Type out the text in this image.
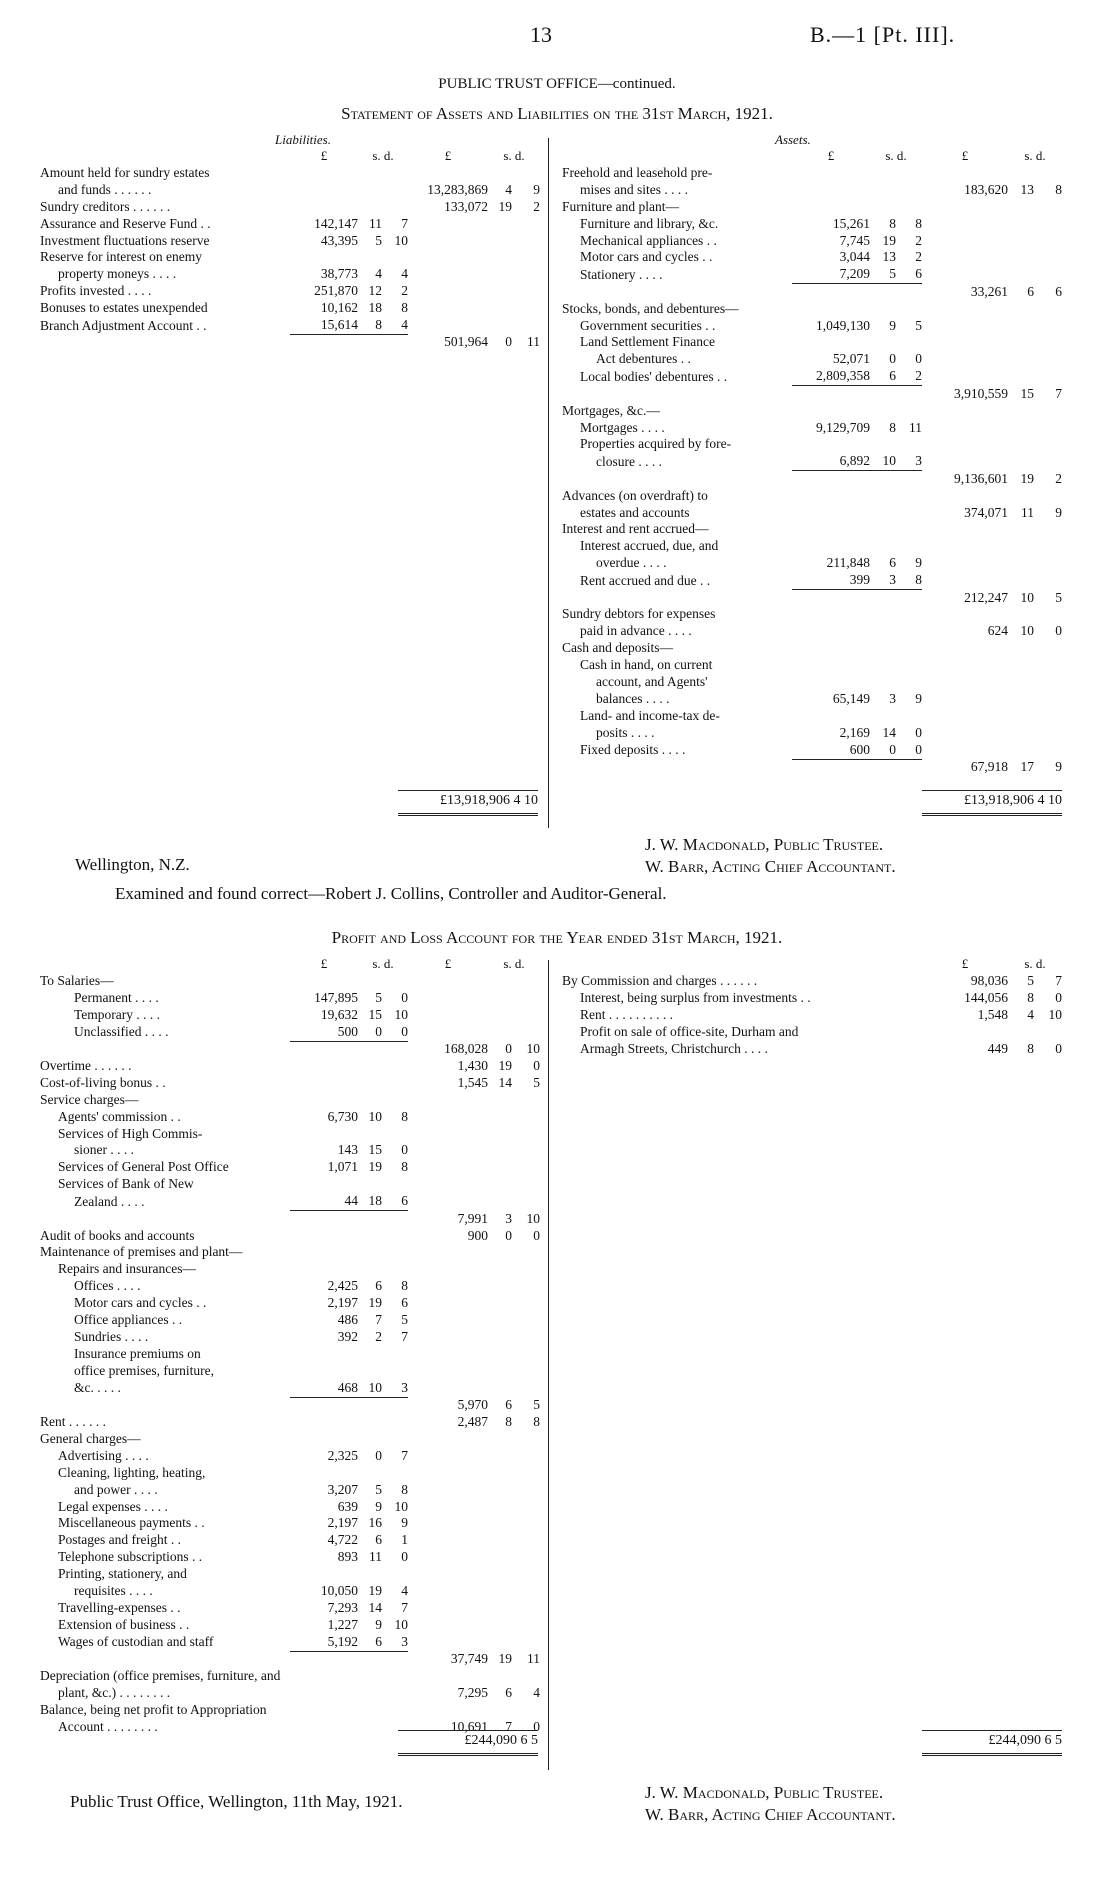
13	B.—1 [Pt. III].
PUBLIC TRUST OFFICE—continued.
Statement of Assets and Liabilities on the 31st March, 1921.
Liabilities.	Assets.
	£	s. d.		£	s. d.	
Amount held for sundry estates						
and funds . . . . . .				13,283,869	4	9
Sundry creditors . . . . . .				133,072	19	2
Assurance and Reserve Fund . .	142,147	11	7			
Investment fluctuations reserve	43,395	5	10			
Reserve for interest on enemy						
property moneys . . . .	38,773	4	4			
Profits invested . . . .	251,870	12	2			
Bonuses to estates unexpended	10,162	18	8			
Branch Adjustment Account . .	15,614	8	4			
				501,964	0	11
£13,918,906 4 10
	£	s. d.		£	s. d.	
Freehold and leasehold pre-						
mises and sites . . . .				183,620	13	8
Furniture and plant—						
Furniture and library, &c.	15,261	8	8			
Mechanical appliances . .	7,745	19	2			
Motor cars and cycles . .	3,044	13	2			
Stationery . . . .	7,209	5	6			
				33,261	6	6
Stocks, bonds, and debentures—						
Government securities . .	1,049,130	9	5			
Land Settlement Finance						
Act debentures . .	52,071	0	0			
Local bodies' debentures . .	2,809,358	6	2			
				3,910,559	15	7
Mortgages, &c.—						
Mortgages . . . .	9,129,709	8	11			
Properties acquired by fore-						
closure . . . .	6,892	10	3			
				9,136,601	19	2
Advances (on overdraft) to						
estates and accounts				374,071	11	9
Interest and rent accrued—						
Interest accrued, due, and						
overdue . . . .	211,848	6	9			
Rent accrued and due . .	399	3	8			
				212,247	10	5
Sundry debtors for expenses						
paid in advance . . . .				624	10	0
Cash and deposits—						
Cash in hand, on current						
account, and Agents'						
balances . . . .	65,149	3	9			
Land- and income-tax de-						
posits . . . .	2,169	14	0			
Fixed deposits . . . .	600	0	0			
				67,918	17	9
£13,918,906 4 10
J. W. Macdonald, Public Trustee.
W. Barr, Acting Chief Accountant.
Wellington, N.Z.
Examined and found correct—Robert J. Collins, Controller and Auditor-General.
Profit and Loss Account for the Year ended 31st March, 1921.
	£	s. d.		£	s. d.	
To Salaries—						
Permanent . . . .	147,895	5	0			
Temporary . . . .	19,632	15	10			
Unclassified . . . .	500	0	0			
				168,028	0	10
Overtime . . . . . .				1,430	19	0
Cost-of-living bonus . .				1,545	14	5
Service charges—						
Agents' commission . .	6,730	10	8			
Services of High Commis-						
sioner . . . .	143	15	0			
Services of General Post Office	1,071	19	8			
Services of Bank of New						
Zealand . . . .	44	18	6			
				7,991	3	10
Audit of books and accounts				900	0	0
Maintenance of premises and plant—						
Repairs and insurances—						
Offices . . . .	2,425	6	8			
Motor cars and cycles . .	2,197	19	6			
Office appliances . .	486	7	5			
Sundries . . . .	392	2	7			
Insurance premiums on						
office premises, furniture,						
&c. . . . .	468	10	3			
				5,970	6	5
Rent . . . . . .				2,487	8	8
General charges—						
Advertising . . . .	2,325	0	7			
Cleaning, lighting, heating,						
and power . . . .	3,207	5	8			
Legal expenses . . . .	639	9	10			
Miscellaneous payments . .	2,197	16	9			
Postages and freight . .	4,722	6	1			
Telephone subscriptions . .	893	11	0			
Printing, stationery, and						
requisites . . . .	10,050	19	4			
Travelling-expenses . .	7,293	14	7			
Extension of business . .	1,227	9	10			
Wages of custodian and staff	5,192	6	3			
				37,749	19	11
Depreciation (office premises, furniture, and						
plant, &c.) . . . . . . . .				7,295	6	4
Balance, being net profit to Appropriation						
Account . . . . . . . .				10,691	7	0
£244,090 6 5
	£	s. d.	
By Commission and charges . . . . . .	98,036	5	7
Interest, being surplus from investments . .	144,056	8	0
Rent . . . . . . . . . .	1,548	4	10
Profit on sale of office-site, Durham and			
Armagh Streets, Christchurch . . . .	449	8	0
£244,090 6 5
Public Trust Office, Wellington, 11th May, 1921.	J. W. Macdonald, Public Trustee.
W. Barr, Acting Chief Accountant.
